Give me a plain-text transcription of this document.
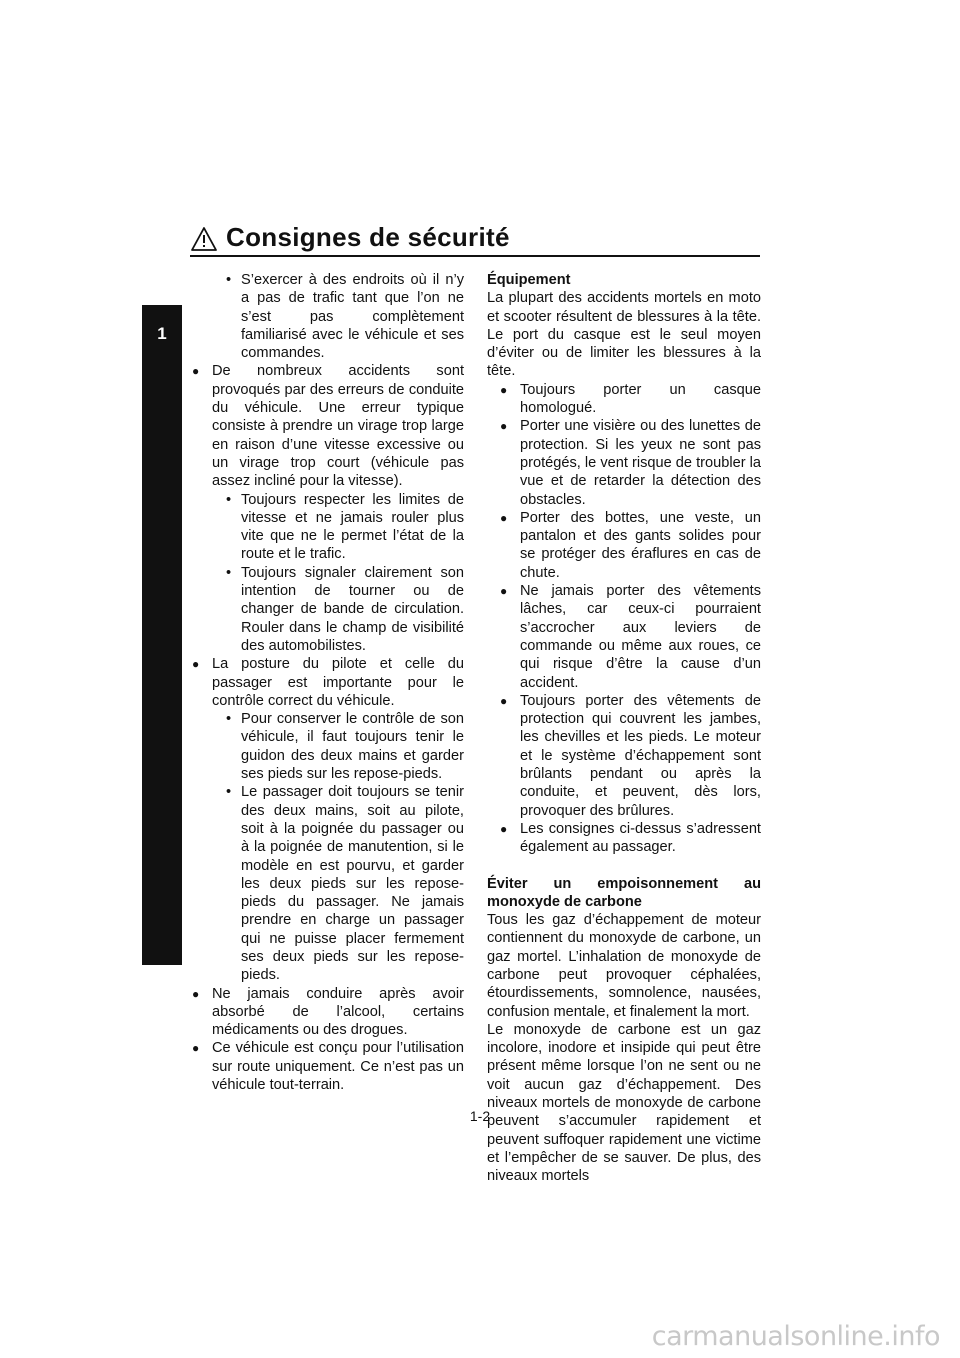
Consignes de sécurité
1
• S’exercer à des endroits où il n’y a pas de trafic tant que l’on ne s’est pas complètement familiarisé avec le véhicule et ses commandes.
● De nombreux accidents sont provoqués par des erreurs de conduite du véhicule. Une erreur typique consiste à prendre un virage trop large en raison d’une vitesse excessive ou un virage trop court (véhicule pas assez incliné pour la vitesse).
• Toujours respecter les limites de vitesse et ne jamais rouler plus vite que ne le permet l’état de la route et le trafic.
• Toujours signaler clairement son intention de tourner ou de changer de bande de circulation. Rouler dans le champ de visibilité des automobilistes.
● La posture du pilote et celle du passager est importante pour le contrôle correct du véhicule.
• Pour conserver le contrôle de son véhicule, il faut toujours tenir le guidon des deux mains et garder ses pieds sur les repose-pieds.
• Le passager doit toujours se tenir des deux mains, soit au pilote, soit à la poignée du passager ou à la poignée de manutention, si le modèle en est pourvu, et garder les deux pieds sur les repose-pieds du passager. Ne jamais prendre en charge un passager qui ne puisse placer fermement ses deux pieds sur les repose-pieds.
● Ne jamais conduire après avoir absorbé de l’alcool, certains médicaments ou des drogues.
● Ce véhicule est conçu pour l’utilisation sur route uniquement. Ce n’est pas un véhicule tout-terrain.

Équipement

La plupart des accidents mortels en moto et scooter résultent de blessures à la tête. Le port du casque est le seul moyen d’éviter ou de limiter les blessures à la tête.

● Toujours porter un casque homologué.
● Porter une visière ou des lunettes de protection. Si les yeux ne sont pas protégés, le vent risque de troubler la vue et de retarder la détection des obstacles.
● Porter des bottes, une veste, un pantalon et des gants solides pour se protéger des éraflures en cas de chute.
● Ne jamais porter des vêtements lâches, car ceux-ci pourraient s’accrocher aux leviers de commande ou même aux roues, ce qui risque d’être la cause d’un accident.
● Toujours porter des vêtements de protection qui couvrent les jambes, les chevilles et les pieds. Le moteur et le système d’échappement sont brûlants pendant ou après la conduite, et peuvent, dès lors, provoquer des brûlures.
● Les consignes ci-dessus s’adressent également au passager.

Éviter un empoisonnement au monoxyde de carbone

Tous les gaz d’échappement de moteur contiennent du monoxyde de carbone, un gaz mortel. L’inhalation de monoxyde de carbone peut provoquer céphalées, étourdissements, somnolence, nausées, confusion mentale, et finalement la mort.

Le monoxyde de carbone est un gaz incolore, inodore et insipide qui peut être présent même lorsque l’on ne sent ou ne voit aucun gaz d’échappement. Des niveaux mortels de monoxyde de carbone peuvent s’accumuler rapidement et peuvent suffoquer rapidement une victime et l’empêcher de se sauver. De plus, des niveaux mortels

1-2
carmanualsonline.info
